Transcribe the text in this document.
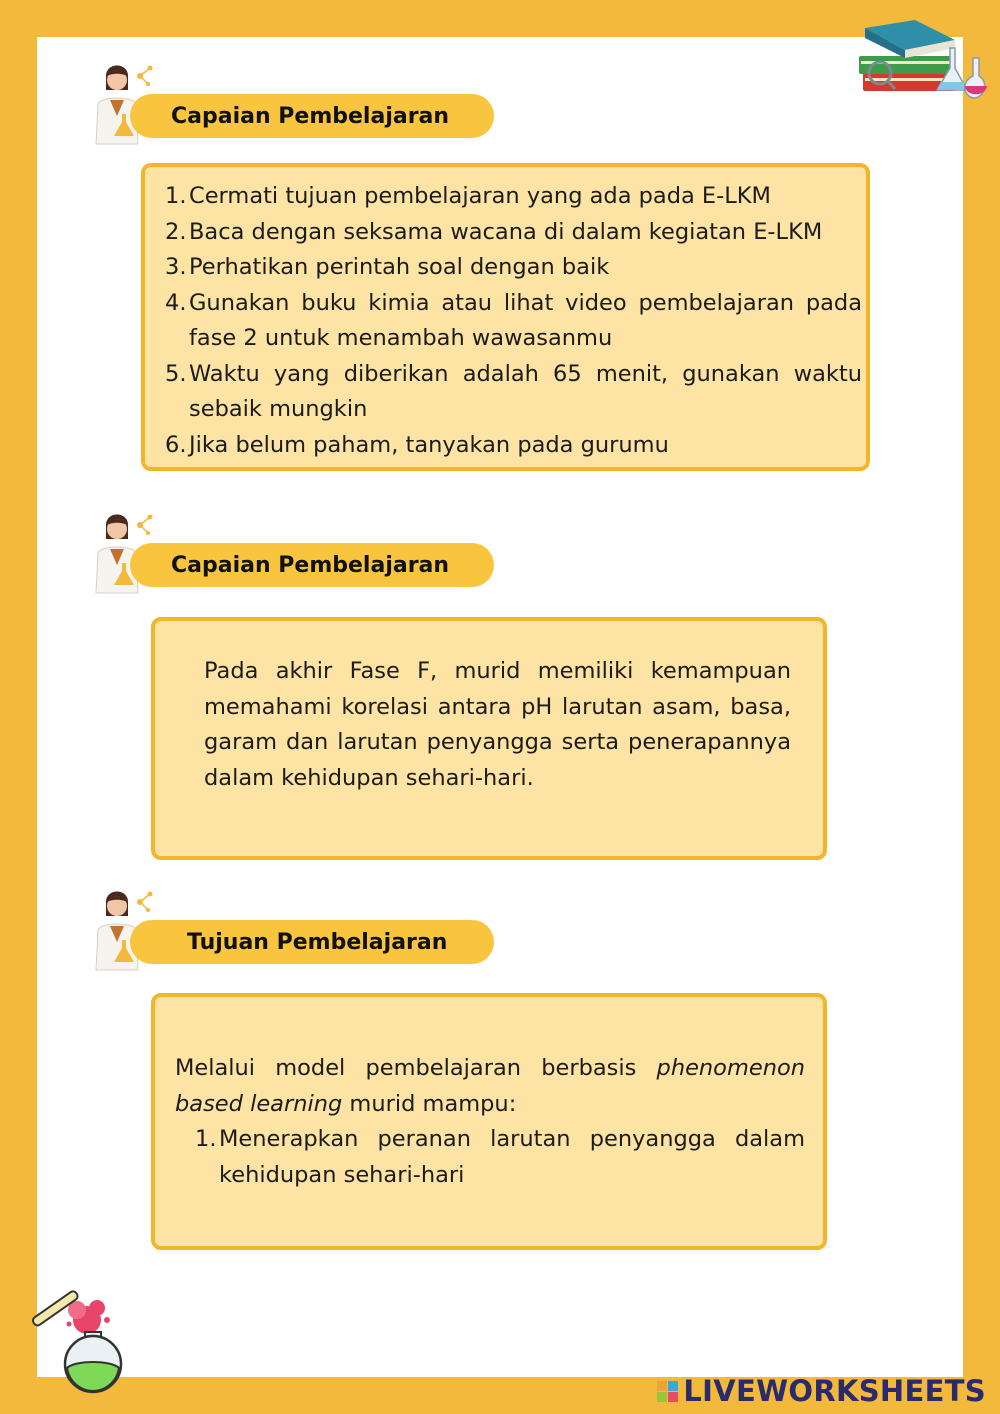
Capaian Pembelajaran
1. Cermati tujuan pembelajaran yang ada pada E-LKM
2. Baca dengan seksama wacana di dalam kegiatan E-LKM
3. Perhatikan perintah soal dengan baik
4. Gunakan buku kimia atau lihat video pembelajaran pada fase 2 untuk menambah wawasanmu
5. Waktu yang diberikan adalah 65 menit, gunakan waktu sebaik mungkin
6. Jika belum paham, tanyakan pada gurumu
Capaian Pembelajaran

Pada akhir Fase F, murid memiliki kemampuan memahami korelasi antara pH larutan asam, basa, garam dan larutan penyangga serta penerapannya dalam kehidupan sehari-hari.

Tujuan Pembelajaran

Melalui model pembelajaran berbasis phenomenon based learning murid mampu:

1. Menerapkan peranan larutan penyangga dalam kehidupan sehari-hari
LIVEWORKSHEETS
